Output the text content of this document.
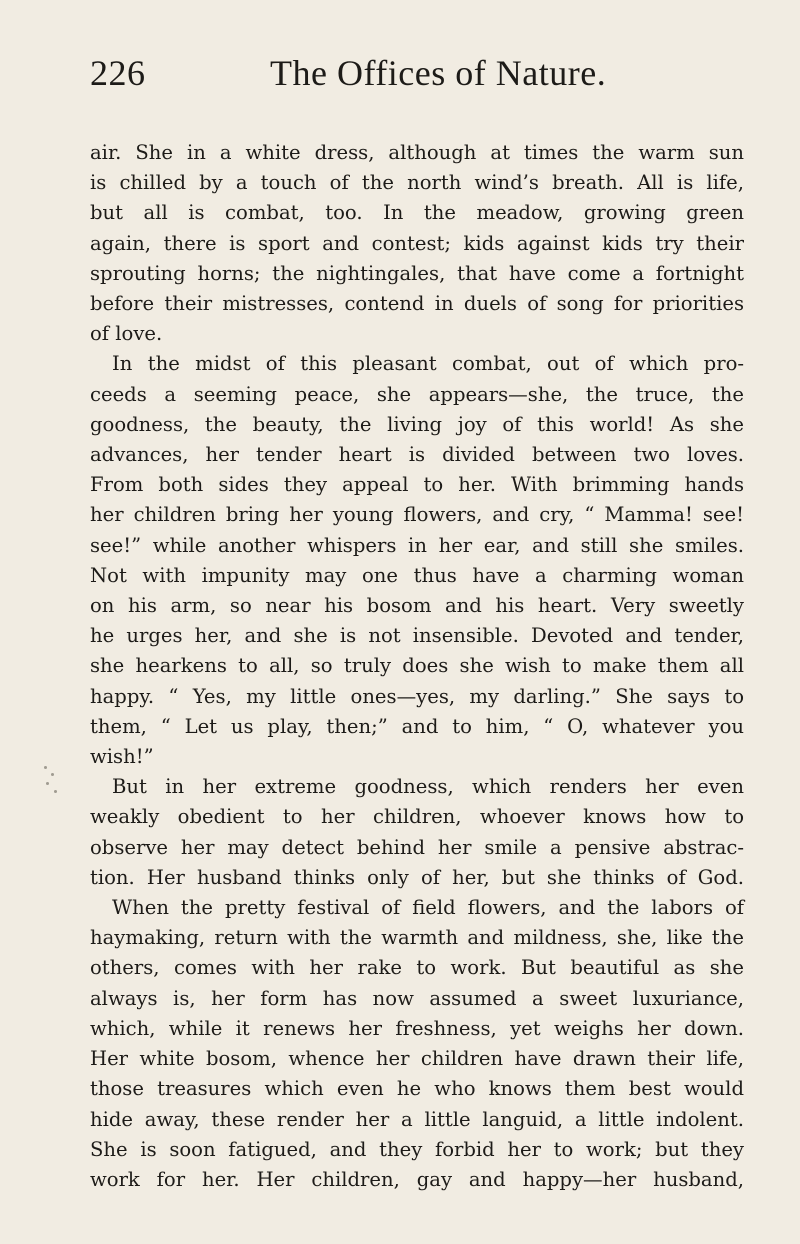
226	The Offices of Nature.
air. She in a white dress, although at times the warm sun
is chilled by a touch of the north wind’s breath. All is life,
but all is combat, too. In the meadow, growing green
again, there is sport and contest; kids against kids try their
sprouting horns; the nightingales, that have come a fortnight
before their mistresses, contend in duels of song for priorities
of love.
In the midst of this pleasant combat, out of which pro-
ceeds a seeming peace, she appears—she, the truce, the
goodness, the beauty, the living joy of this world! As she
advances, her tender heart is divided between two loves.
From both sides they appeal to her. With brimming hands
her children bring her young flowers, and cry, “ Mamma! see!
see!” while another whispers in her ear, and still she smiles.
Not with impunity may one thus have a charming woman
on his arm, so near his bosom and his heart. Very sweetly
he urges her, and she is not insensible. Devoted and tender,
she hearkens to all, so truly does she wish to make them all
happy. “ Yes, my little ones—yes, my darling.” She says to
them, “ Let us play, then;” and to him, “ O, whatever you
wish!”
But in her extreme goodness, which renders her even
weakly obedient to her children, whoever knows how to
observe her may detect behind her smile a pensive abstrac-
tion. Her husband thinks only of her, but she thinks of God.
When the pretty festival of field flowers, and the labors of
haymaking, return with the warmth and mildness, she, like the
others, comes with her rake to work. But beautiful as she
always is, her form has now assumed a sweet luxuriance,
which, while it renews her freshness, yet weighs her down.
Her white bosom, whence her children have drawn their life,
those treasures which even he who knows them best would
hide away, these render her a little languid, a little indolent.
She is soon fatigued, and they forbid her to work; but they
work for her. Her children, gay and happy—her husband,
